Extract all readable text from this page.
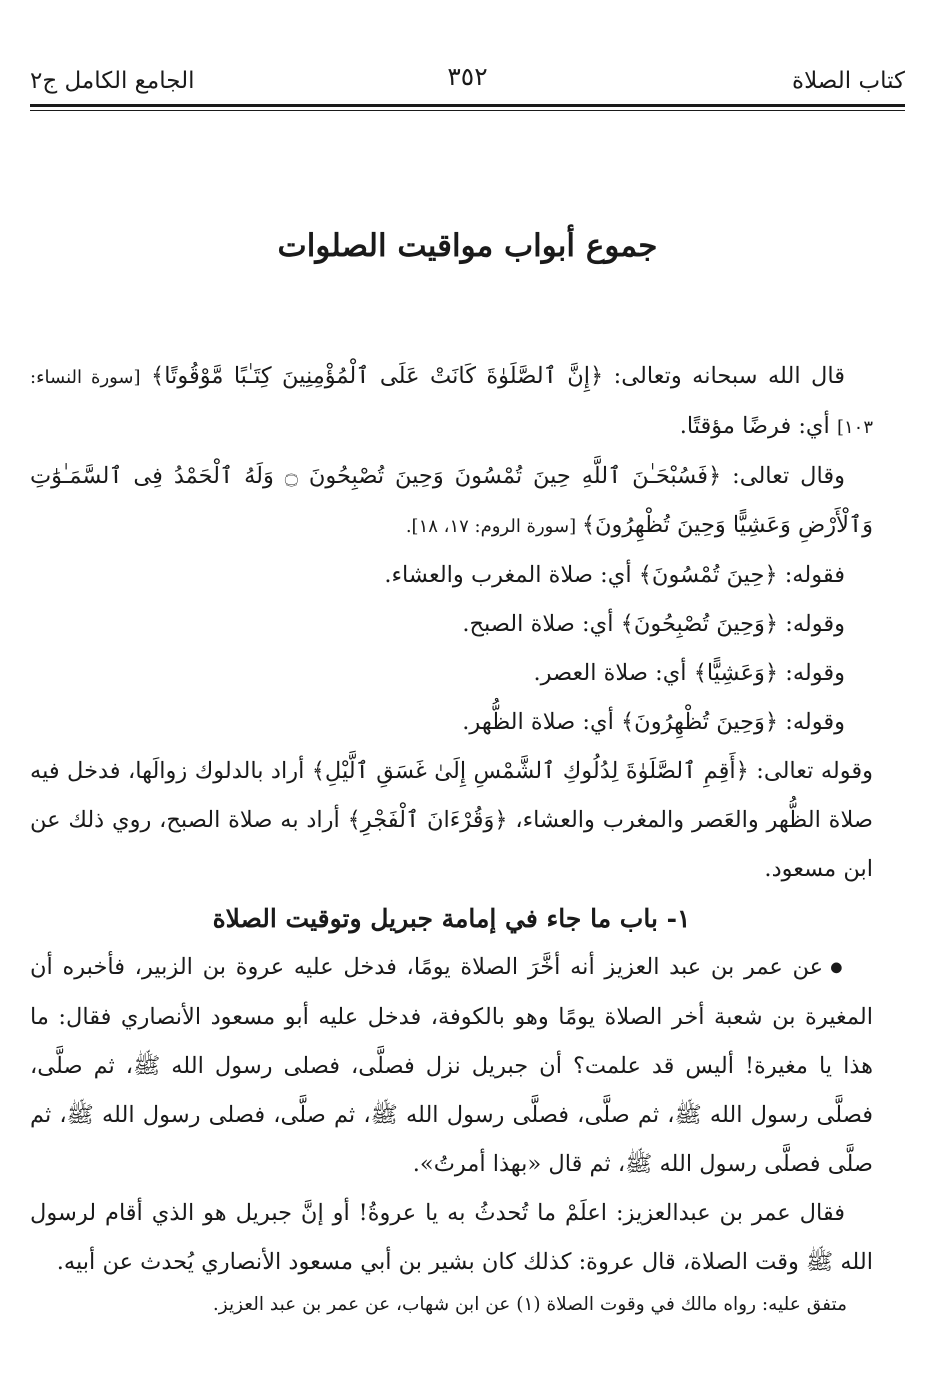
كتاب الصلاة
٣٥٢
الجامع الكامل ج٢
جموع أبواب مواقيت الصلوات

قال الله سبحانه وتعالى: ﴿إِنَّ ٱلصَّلَوٰةَ كَانَتْ عَلَى ٱلْمُؤْمِنِينَ كِتَـٰبًا مَّوْقُوتًا﴾ [سورة النساء: ١٠٣] أي: فرضًا مؤقتًا.

وقال تعالى: ﴿فَسُبْحَـٰنَ ٱللَّهِ حِينَ تُمْسُونَ وَحِينَ تُصْبِحُونَ ۝ وَلَهُ ٱلْحَمْدُ فِى ٱلسَّمَـٰوَٰتِ وَٱلْأَرْضِ وَعَشِيًّا وَحِينَ تُظْهِرُونَ﴾ [سورة الروم: ١٧، ١٨].

فقوله: ﴿حِينَ تُمْسُونَ﴾ أي: صلاة المغرب والعشاء.

وقوله: ﴿وَحِينَ تُصْبِحُونَ﴾ أي: صلاة الصبح.

وقوله: ﴿وَعَشِيًّا﴾ أي: صلاة العصر.

وقوله: ﴿وَحِينَ تُظْهِرُونَ﴾ أي: صلاة الظُّهر.

وقوله تعالى: ﴿أَقِمِ ٱلصَّلَوٰةَ لِدُلُوكِ ٱلشَّمْسِ إِلَىٰ غَسَقِ ٱلَّيْلِ﴾ أراد بالدلوك زوالَها، فدخل فيه صلاة الظُّهر والعَصر والمغرب والعشاء، ﴿وَقُرْءَانَ ٱلْفَجْرِ﴾ أراد به صلاة الصبح، روي ذلك عن ابن مسعود.

١- باب ما جاء في إمامة جبريل وتوقيت الصلاة

● عن عمر بن عبد العزيز أنه أخَّرَ الصلاة يومًا، فدخل عليه عروة بن الزبير، فأخبره أن المغيرة بن شعبة أخر الصلاة يومًا وهو بالكوفة، فدخل عليه أبو مسعود الأنصاري فقال: ما هذا يا مغيرة! أليس قد علمت؟ أن جبريل نزل فصلَّى، فصلى رسول الله ﷺ، ثم صلَّى، فصلَّى رسول الله ﷺ، ثم صلَّى، فصلَّى رسول الله ﷺ، ثم صلَّى، فصلى رسول الله ﷺ، ثم صلَّى فصلَّى رسول الله ﷺ، ثم قال «بهذا أمرتُ».

فقال عمر بن عبدالعزيز: اعلَمْ ما تُحدثُ به يا عروةُ! أو إنَّ جبريل هو الذي أقام لرسول الله ﷺ وقت الصلاة، قال عروة: كذلك كان بشير بن أبي مسعود الأنصاري يُحدث عن أبيه.

متفق عليه: رواه مالك في وقوت الصلاة (١) عن ابن شهاب، عن عمر بن عبد العزيز.
